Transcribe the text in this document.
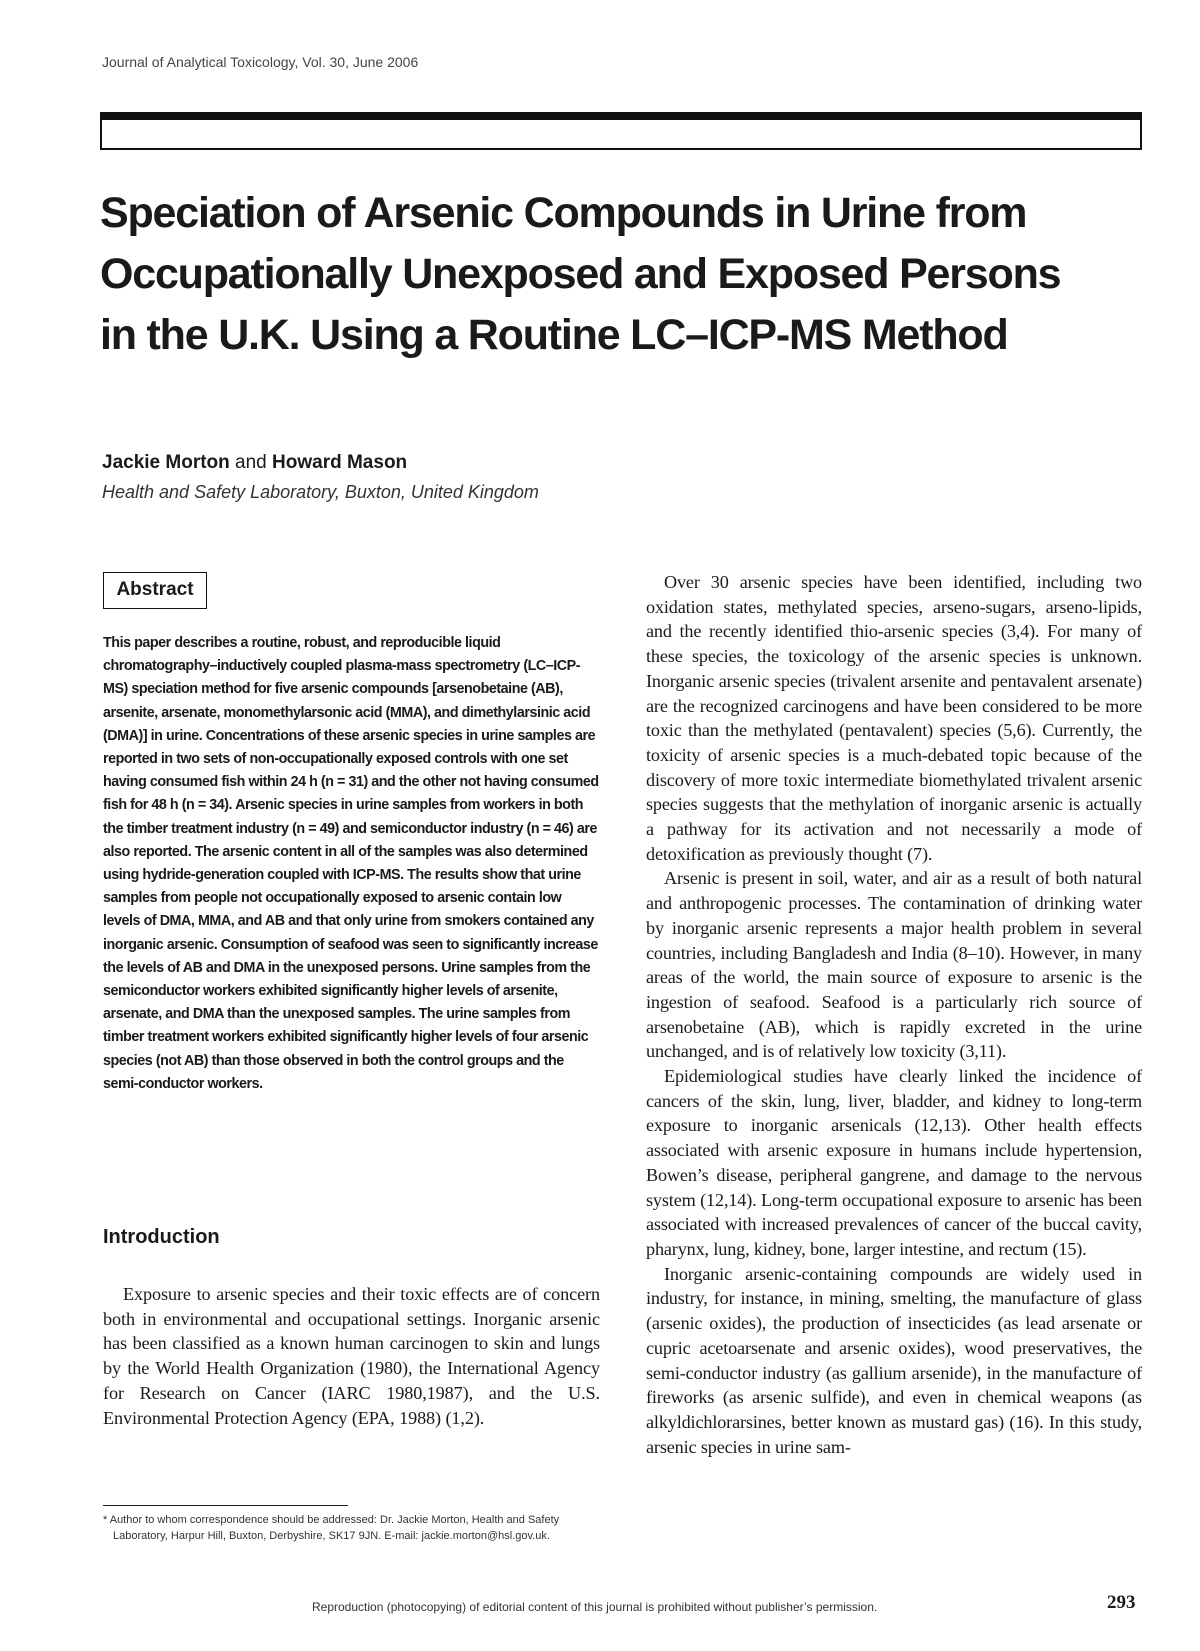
Journal of Analytical Toxicology, Vol. 30, June 2006
Speciation of Arsenic Compounds in Urine from Occupationally Unexposed and Exposed Persons in the U.K. Using a Routine LC–ICP-MS Method
Jackie Morton and Howard Mason
Health and Safety Laboratory, Buxton, United Kingdom
Abstract

This paper describes a routine, robust, and reproducible liquid chromatography–inductively coupled plasma-mass spectrometry (LC–ICP-MS) speciation method for five arsenic compounds [arsenobetaine (AB), arsenite, arsenate, monomethylarsonic acid (MMA), and dimethylarsinic acid (DMA)] in urine. Concentrations of these arsenic species in urine samples are reported in two sets of non-occupationally exposed controls with one set having consumed fish within 24 h (n = 31) and the other not having consumed fish for 48 h (n = 34). Arsenic species in urine samples from workers in both the timber treatment industry (n = 49) and semiconductor industry (n = 46) are also reported. The arsenic content in all of the samples was also determined using hydride-generation coupled with ICP-MS. The results show that urine samples from people not occupationally exposed to arsenic contain low levels of DMA, MMA, and AB and that only urine from smokers contained any inorganic arsenic. Consumption of seafood was seen to significantly increase the levels of AB and DMA in the unexposed persons. Urine samples from the semiconductor workers exhibited significantly higher levels of arsenite, arsenate, and DMA than the unexposed samples. The urine samples from timber treatment workers exhibited significantly higher levels of four arsenic species (not AB) than those observed in both the control groups and the semi-conductor workers.

Introduction

Exposure to arsenic species and their toxic effects are of concern both in environmental and occupational settings. Inorganic arsenic has been classified as a known human carcinogen to skin and lungs by the World Health Organization (1980), the International Agency for Research on Cancer (IARC 1980,1987), and the U.S. Environmental Protection Agency (EPA, 1988) (1,2).

* Author to whom correspondence should be addressed: Dr. Jackie Morton, Health and Safety Laboratory, Harpur Hill, Buxton, Derbyshire, SK17 9JN. E-mail: jackie.morton@hsl.gov.uk.

Over 30 arsenic species have been identified, including two oxidation states, methylated species, arseno-sugars, arseno-lipids, and the recently identified thio-arsenic species (3,4). For many of these species, the toxicology of the arsenic species is unknown. Inorganic arsenic species (trivalent arsenite and pentavalent arsenate) are the recognized carcinogens and have been considered to be more toxic than the methylated (pentavalent) species (5,6). Currently, the toxicity of arsenic species is a much-debated topic because of the discovery of more toxic intermediate biomethylated trivalent arsenic species suggests that the methylation of inorganic arsenic is actually a pathway for its activation and not necessarily a mode of detoxification as previously thought (7).

Arsenic is present in soil, water, and air as a result of both natural and anthropogenic processes. The contamination of drinking water by inorganic arsenic represents a major health problem in several countries, including Bangladesh and India (8–10). However, in many areas of the world, the main source of exposure to arsenic is the ingestion of seafood. Seafood is a particularly rich source of arsenobetaine (AB), which is rapidly excreted in the urine unchanged, and is of relatively low toxicity (3,11).

Epidemiological studies have clearly linked the incidence of cancers of the skin, lung, liver, bladder, and kidney to long-term exposure to inorganic arsenicals (12,13). Other health effects associated with arsenic exposure in humans include hypertension, Bowen’s disease, peripheral gangrene, and damage to the nervous system (12,14). Long-term occupational exposure to arsenic has been associated with increased prevalences of cancer of the buccal cavity, pharynx, lung, kidney, bone, larger intestine, and rectum (15).

Inorganic arsenic-containing compounds are widely used in industry, for instance, in mining, smelting, the manufacture of glass (arsenic oxides), the production of insecticides (as lead arsenate or cupric acetoarsenate and arsenic oxides), wood preservatives, the semi-conductor industry (as gallium arsenide), in the manufacture of fireworks (as arsenic sulfide), and even in chemical weapons (as alkyldichlorarsines, better known as mustard gas) (16). In this study, arsenic species in urine sam-

Reproduction (photocopying) of editorial content of this journal is prohibited without publisher’s permission.	293
